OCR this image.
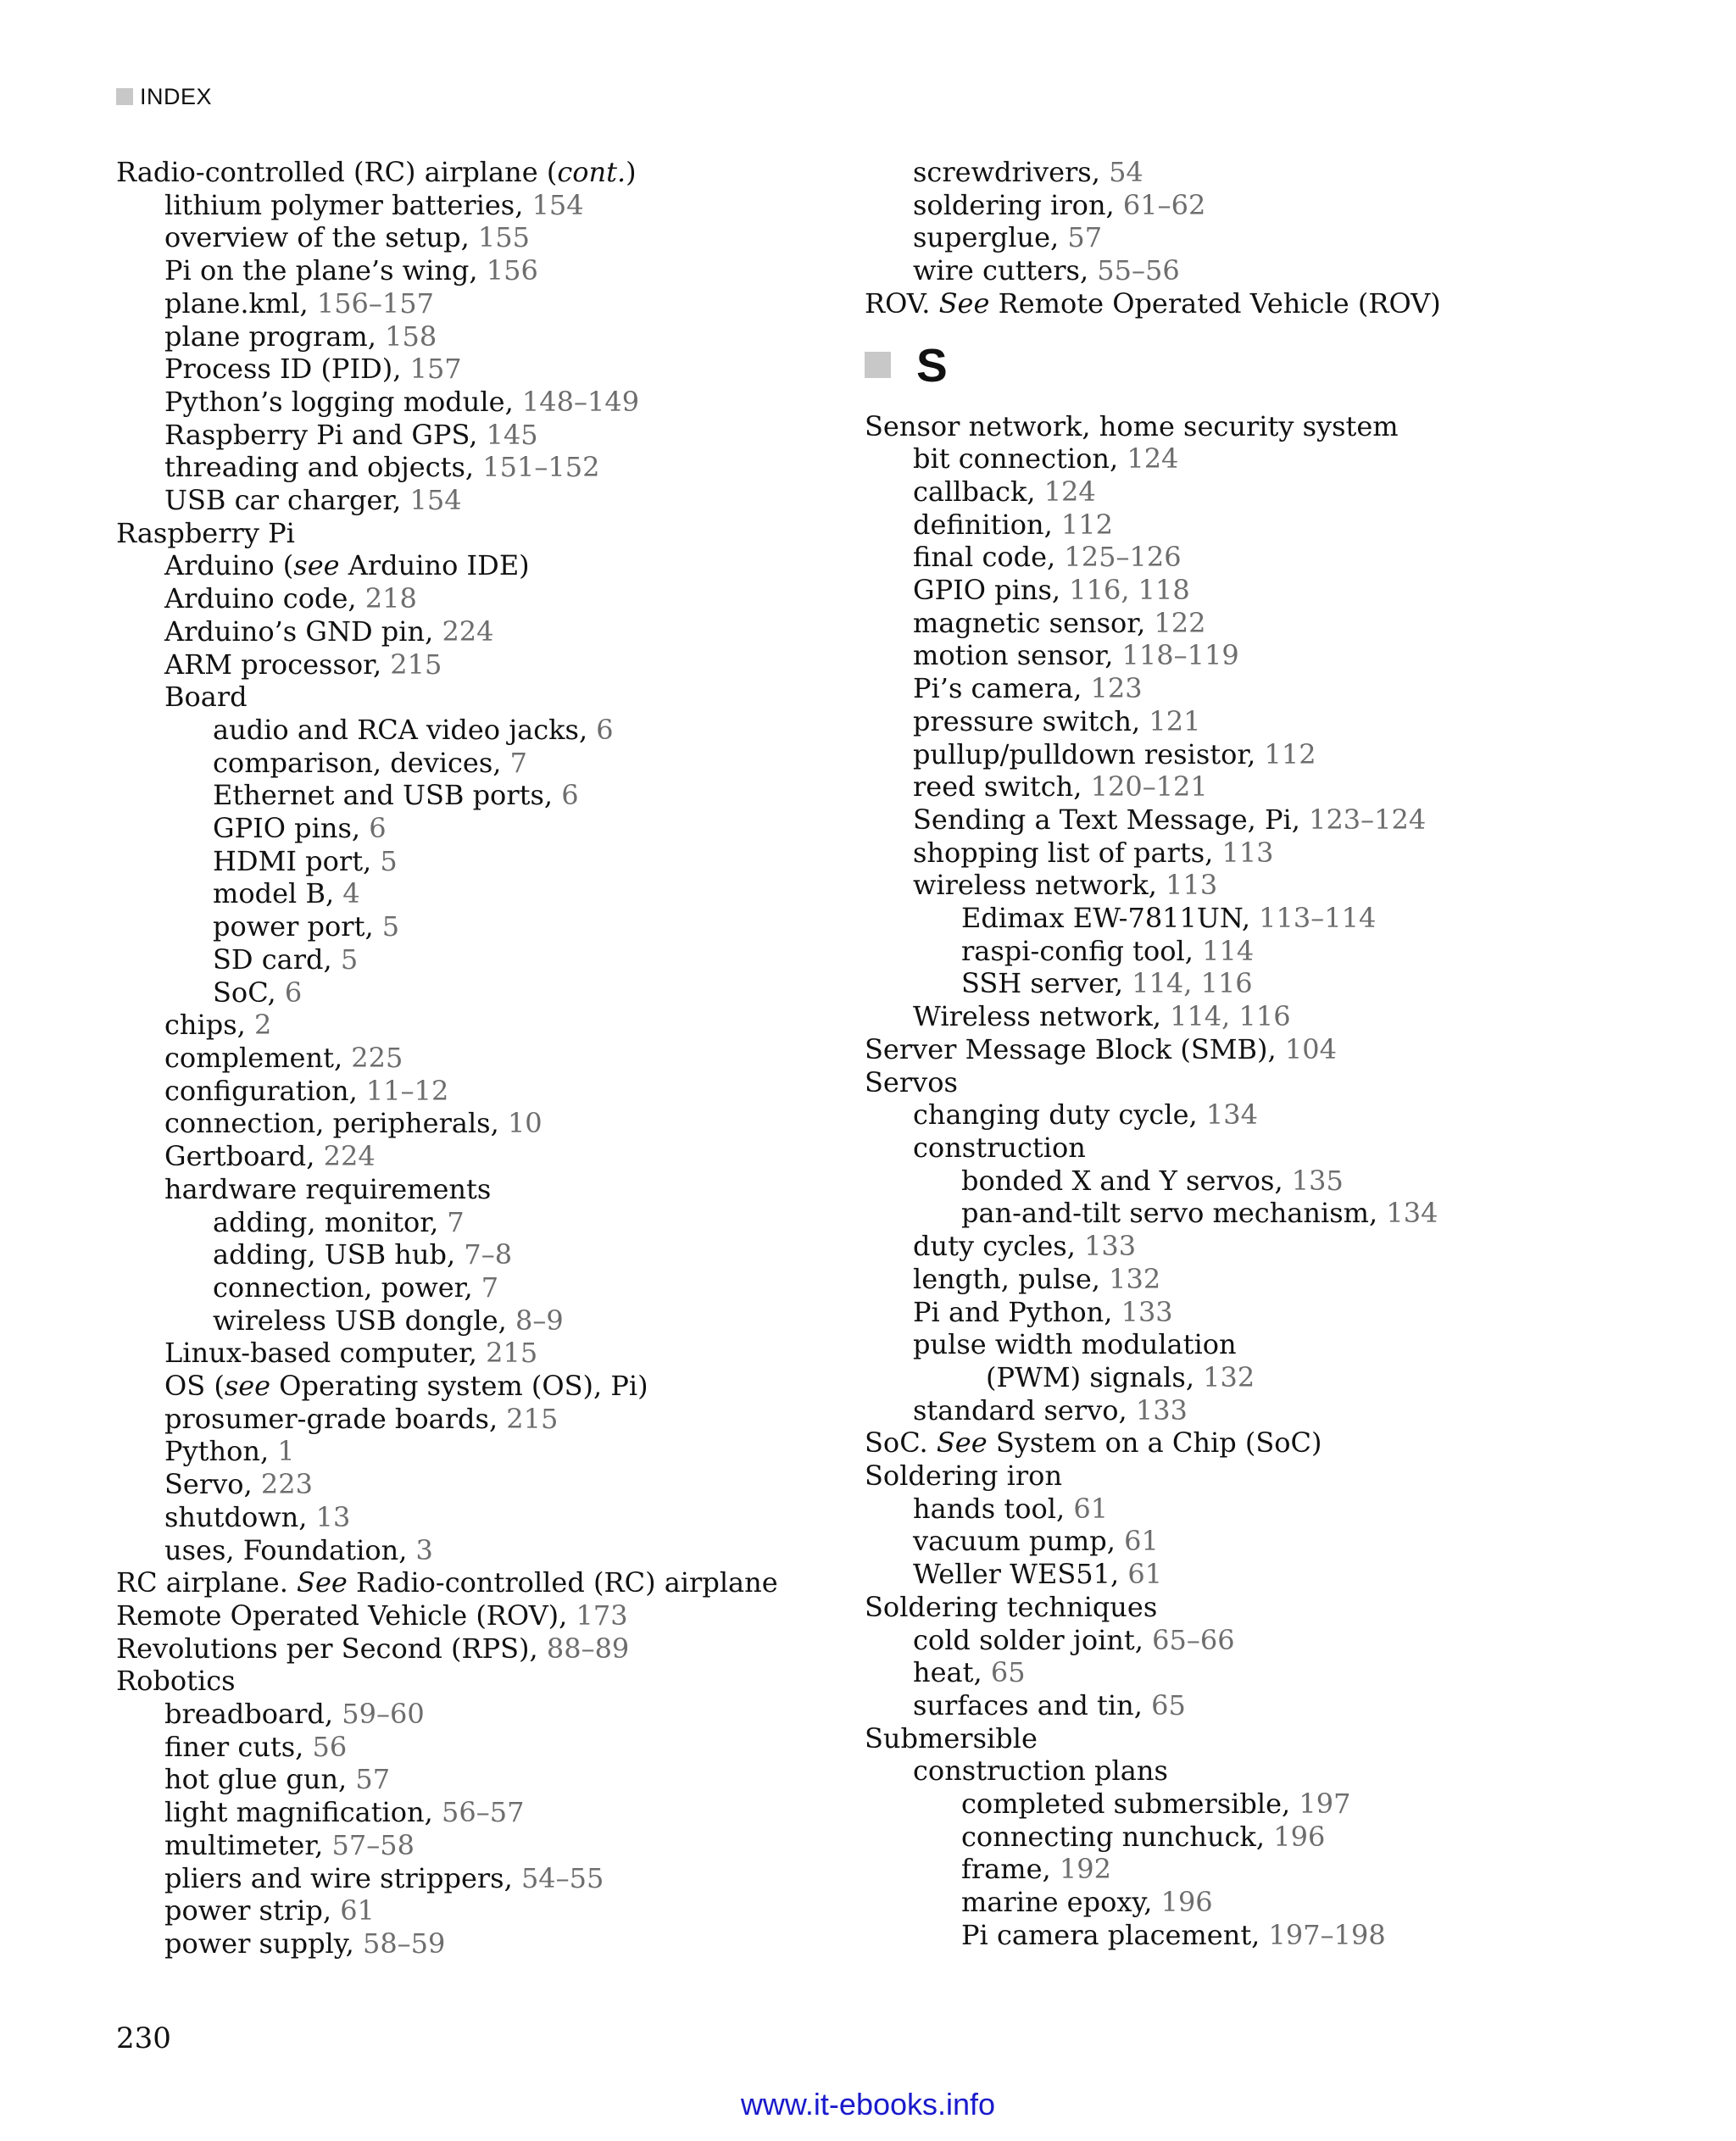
INDEX
Radio-controlled (RC) airplane (cont.)
lithium polymer batteries, 154
overview of the setup, 155
Pi on the plane’s wing, 156
plane.kml, 156–157
plane program, 158
Process ID (PID), 157
Python’s logging module, 148–149
Raspberry Pi and GPS, 145
threading and objects, 151–152
USB car charger, 154
Raspberry Pi
Arduino (see Arduino IDE)
Arduino code, 218
Arduino’s GND pin, 224
ARM processor, 215
Board
audio and RCA video jacks, 6
comparison, devices, 7
Ethernet and USB ports, 6
GPIO pins, 6
HDMI port, 5
model B, 4
power port, 5
SD card, 5
SoC, 6
chips, 2
complement, 225
configuration, 11–12
connection, peripherals, 10
Gertboard, 224
hardware requirements
adding, monitor, 7
adding, USB hub, 7–8
connection, power, 7
wireless USB dongle, 8–9
Linux-based computer, 215
OS (see Operating system (OS), Pi)
prosumer-grade boards, 215
Python, 1
Servo, 223
shutdown, 13
uses, Foundation, 3
RC airplane. See Radio-controlled (RC) airplane
Remote Operated Vehicle (ROV), 173
Revolutions per Second (RPS), 88–89
Robotics
breadboard, 59–60
finer cuts, 56
hot glue gun, 57
light magnification, 56–57
multimeter, 57–58
pliers and wire strippers, 54–55
power strip, 61
power supply, 58–59
screwdrivers, 54
soldering iron, 61–62
superglue, 57
wire cutters, 55–56
ROV. See Remote Operated Vehicle (ROV)
S
Sensor network, home security system
bit connection, 124
callback, 124
definition, 112
final code, 125–126
GPIO pins, 116, 118
magnetic sensor, 122
motion sensor, 118–119
Pi’s camera, 123
pressure switch, 121
pullup/pulldown resistor, 112
reed switch, 120–121
Sending a Text Message, Pi, 123–124
shopping list of parts, 113
wireless network, 113
Edimax EW-7811UN, 113–114
raspi-config tool, 114
SSH server, 114, 116
Wireless network, 114, 116
Server Message Block (SMB), 104
Servos
changing duty cycle, 134
construction
bonded X and Y servos, 135
pan-and-tilt servo mechanism, 134
duty cycles, 133
length, pulse, 132
Pi and Python, 133
pulse width modulation
(PWM) signals, 132
standard servo, 133
SoC. See System on a Chip (SoC)
Soldering iron
hands tool, 61
vacuum pump, 61
Weller WES51, 61
Soldering techniques
cold solder joint, 65–66
heat, 65
surfaces and tin, 65
Submersible
construction plans
completed submersible, 197
connecting nunchuck, 196
frame, 192
marine epoxy, 196
Pi camera placement, 197–198
230
www.it-ebooks.info
